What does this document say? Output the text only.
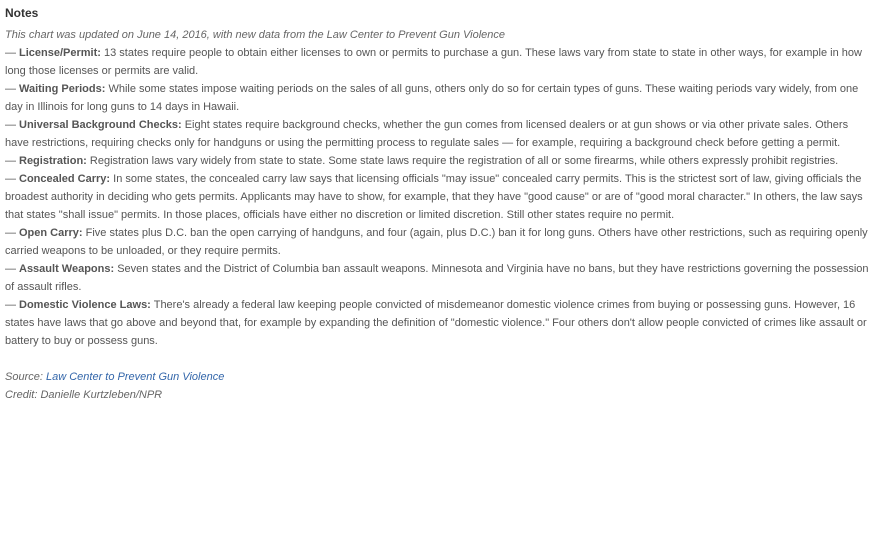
Notes

This chart was updated on June 14, 2016, with new data from the Law Center to Prevent Gun Violence

— License/Permit: 13 states require people to obtain either licenses to own or permits to purchase a gun. These laws vary from state to state in other ways, for example in how long those licenses or permits are valid.

— Waiting Periods: While some states impose waiting periods on the sales of all guns, others only do so for certain types of guns. These waiting periods vary widely, from one day in Illinois for long guns to 14 days in Hawaii.

— Universal Background Checks: Eight states require background checks, whether the gun comes from licensed dealers or at gun shows or via other private sales. Others have restrictions, requiring checks only for handguns or using the permitting process to regulate sales — for example, requiring a background check before getting a permit.

— Registration: Registration laws vary widely from state to state. Some state laws require the registration of all or some firearms, while others expressly prohibit registries.

— Concealed Carry: In some states, the concealed carry law says that licensing officials "may issue" concealed carry permits. This is the strictest sort of law, giving officials the broadest authority in deciding who gets permits. Applicants may have to show, for example, that they have "good cause" or are of "good moral character." In others, the law says that states "shall issue" permits. In those places, officials have either no discretion or limited discretion. Still other states require no permit.

— Open Carry: Five states plus D.C. ban the open carrying of handguns, and four (again, plus D.C.) ban it for long guns. Others have other restrictions, such as requiring openly carried weapons to be unloaded, or they require permits.

— Assault Weapons: Seven states and the District of Columbia ban assault weapons. Minnesota and Virginia have no bans, but they have restrictions governing the possession of assault rifles.

— Domestic Violence Laws: There's already a federal law keeping people convicted of misdemeanor domestic violence crimes from buying or possessing guns. However, 16 states have laws that go above and beyond that, for example by expanding the definition of "domestic violence." Four others don't allow people convicted of crimes like assault or battery to buy or possess guns.

Source: Law Center to Prevent Gun Violence

Credit: Danielle Kurtzleben/NPR
